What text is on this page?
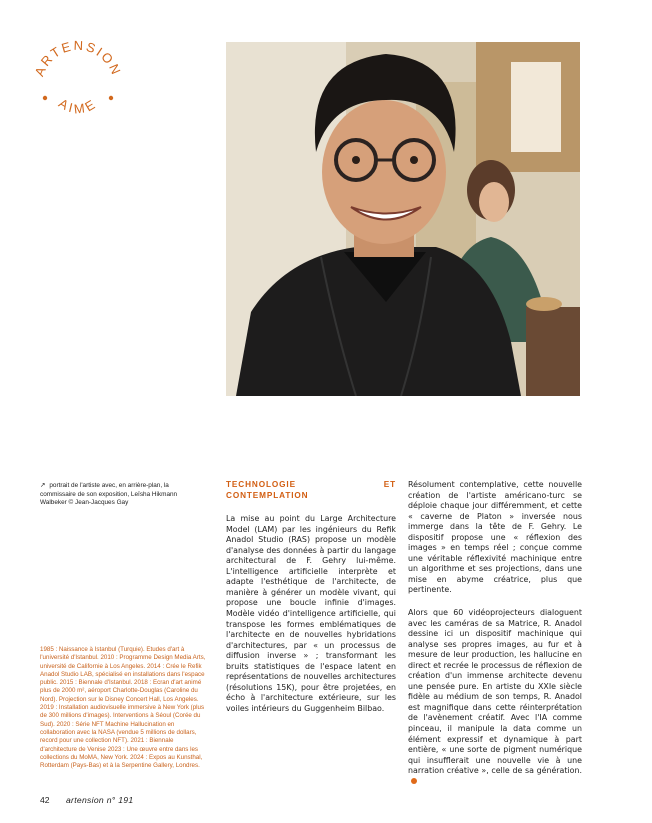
ARTENSION
AIME
↗ portrait de l'artiste avec, en arrière-plan, la commissaire de son exposition, Leïsha Hikmann Walbeker © Jean-Jacques Gay
1985 : Naissance à Istanbul (Turquie). Etudes d'art à l'université d'Istanbul. 2010 : Programme Design Media Arts, université de Californie à Los Angeles. 2014 : Crée le Refik Anadol Studio LAB, spécialisé en installations dans l'espace public. 2015 : Biennale d'Istanbul. 2018 : Ecran d'art animé plus de 2000 m², aéroport Charlotte-Douglas (Caroline du Nord). Projection sur le Disney Concert Hall, Los Angeles. 2019 : Installation audiovisuelle immersive à New York (plus de 300 millions d'images). Interventions à Séoul (Corée du Sud). 2020 : Série NFT Machine Hallucination en collaboration avec la NASA (vendue 5 millions de dollars, record pour une collection NFT). 2021 : Biennale d'architecture de Venise 2023 : Une œuvre entre dans les collections du MoMA, New York. 2024 : Expos au Kunsthal, Rotterdam (Pays-Bas) et à la Serpentine Gallery, Londres.
TECHNOLOGIE ET CONTEMPLATION

La mise au point du Large Architecture Model (LAM) par les ingénieurs du Refik Anadol Studio (RAS) propose un modèle d'analyse des données à partir du langage architectural de F. Gehry lui-même. L'intelligence artificielle interprète et adapte l'esthétique de l'architecte, de manière à générer un modèle vivant, qui propose une boucle infinie d'images. Modèle vidéo d'intelligence artificielle, qui transpose les formes emblématiques de l'architecte en de nouvelles hybridations d'architectures, par « un processus de diffusion inverse » ; transformant les bruits statistiques de l'espace latent en représentations de nouvelles architectures (résolutions 15K), pour être projetées, en écho à l'architecture extérieure, sur les voiles intérieurs du Guggenheim Bilbao.

Résolument contemplative, cette nouvelle création de l'artiste américano-turc se déploie chaque jour différemment, et cette « caverne de Platon » inversée nous immerge dans la tête de F. Gehry. Le dispositif propose une « réflexion des images » en temps réel ; conçue comme une véritable réflexivité machinique entre un algorithme et ses projections, dans une mise en abyme créatrice, plus que pertinente.

Alors que 60 vidéoprojecteurs dialoguent avec les caméras de sa Matrice, R. Anadol dessine ici un dispositif machinique qui analyse ses propres images, au fur et à mesure de leur production, les hallucine en direct et recrée le processus de réflexion de création d'un immense architecte devenu une pensée pure. En artiste du XXIe siècle fidèle au médium de son temps, R. Anadol est magnifique dans cette réinterprétation de l'avènement créatif. Avec l'IA comme pinceau, il manipule la data comme un élément expressif et dynamique à part entière, « une sorte de pigment numérique qui insufflerait une nouvelle vie à une narration créative », celle de sa génération.

42 artension n° 191
